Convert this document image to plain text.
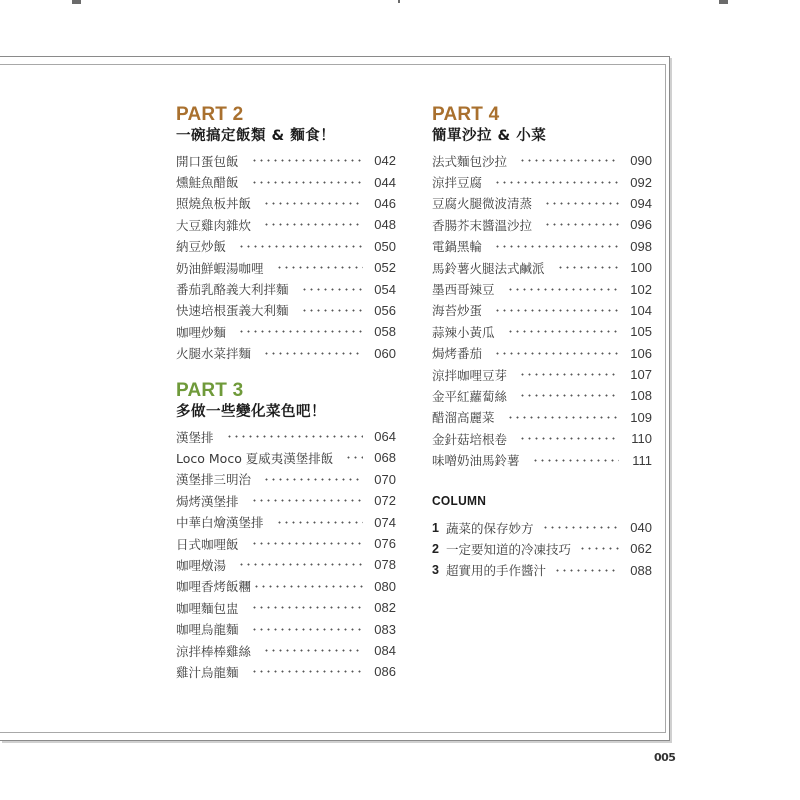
PART 2
一碗搞定飯類 & 麵食！
開口蛋包飯	042
燻鮭魚醋飯	044
照燒魚板丼飯	046
大豆雞肉雜炊	048
納豆炒飯	050
奶油鮮蝦湯咖哩	052
番茄乳酪義大利拌麵	054
快速培根蛋義大利麵	056
咖哩炒麵	058
火腿水菜拌麵	060
PART 3
多做一些變化菜色吧！
漢堡排	064
Loco Moco 夏威夷漢堡排飯	068
漢堡排三明治	070
焗烤漢堡排	072
中華白燴漢堡排	074
日式咖哩飯	076
咖哩燉湯	078
咖哩香烤飯糰	080
咖哩麵包盅	082
咖哩烏龍麵	083
涼拌棒棒雞絲	084
雞汁烏龍麵	086
PART 4
簡單沙拉 & 小菜
法式麵包沙拉	090
涼拌豆腐	092
豆腐火腿微波清蒸	094
香腸芥末醬溫沙拉	096
電鍋黑輪	098
馬鈴薯火腿法式鹹派	100
墨西哥辣豆	102
海苔炒蛋	104
蒜辣小黃瓜	105
焗烤番茄	106
涼拌咖哩豆芽	107
金平紅蘿蔔絲	108
醋溜高麗菜	109
金針菇培根卷	110
味噌奶油馬鈴薯	111
COLUMN
1 蔬菜的保存妙方	040
2 一定要知道的冷凍技巧	062
3 超實用的手作醬汁	088
005
